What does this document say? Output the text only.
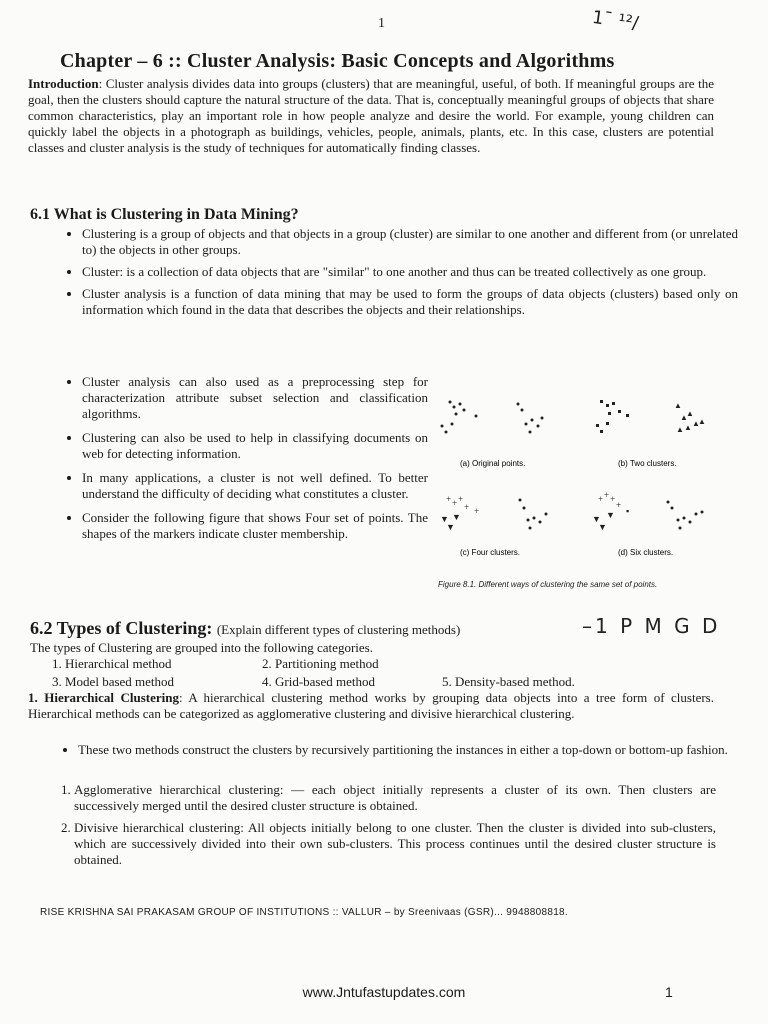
1	1ˉ ¹²/
Chapter – 6 :: Cluster Analysis: Basic Concepts and Algorithms
Introduction: Cluster analysis divides data into groups (clusters) that are meaningful, useful, of both. If meaningful groups are the goal, then the clusters should capture the natural structure of the data. That is, conceptually meaningful groups of objects that share common characteristics, play an important role in how people analyze and desire the world. For example, young children can quickly label the objects in a photograph as buildings, vehicles, people, animals, plants, etc. In this case, clusters are potential classes and cluster analysis is the study of techniques for automatically finding classes.
6.1 What is Clustering in Data Mining?
• Clustering is a group of objects and that objects in a group (cluster) are similar to one another and different from (or unrelated to) the objects in other groups.
• Cluster: is a collection of data objects that are "similar" to one another and thus can be treated collectively as one group.
• Cluster analysis is a function of data mining that may be used to form the groups of data objects (clusters) based only on information which found in the data that describes the objects and their relationships.
• Cluster analysis can also used as a preprocessing step for characterization attribute subset selection and classification algorithms.
• Clustering can also be used to help in classifying documents on web for detecting information.
• In many applications, a cluster is not well defined. To better understand the difficulty of deciding what constitutes a cluster.
• Consider the following figure that shows Four set of points. The shapes of the markers indicate cluster membership.
▲
▲
▲
▲ ▲ ▲
▲
(a) Original points.	(b) Two clusters.
+ + +
+ +
▼
▼
▼
+ + +
+
▪
▼
▼
▼
(c) Four clusters.	(d) Six clusters.
Figure 8.1. Different ways of clustering the same set of points.
6.2 Types of Clustering: (Explain different types of clustering methods)	–1 P M G D
The types of Clustering are grouped into the following categories.
1. Hierarchical method	2. Partitioning method
3. Model based method	4. Grid-based method	5. Density-based method.
1. Hierarchical Clustering: A hierarchical clustering method works by grouping data objects into a tree form of clusters. Hierarchical methods can be categorized as agglomerative clustering and divisive hierarchical clustering.
• These two methods construct the clusters by recursively partitioning the instances in either a top-down or bottom-up fashion.
1. Agglomerative hierarchical clustering: — each object initially represents a cluster of its own. Then clusters are successively merged until the desired cluster structure is obtained.
2. Divisive hierarchical clustering: All objects initially belong to one cluster. Then the cluster is divided into sub-clusters, which are successively divided into their own sub-clusters. This process continues until the desired cluster structure is obtained.
RISE KRISHNA SAI PRAKASAM GROUP OF INSTITUTIONS :: VALLUR – by Sreenivaas (GSR)... 9948808818.
www.Jntufastupdates.com	1
